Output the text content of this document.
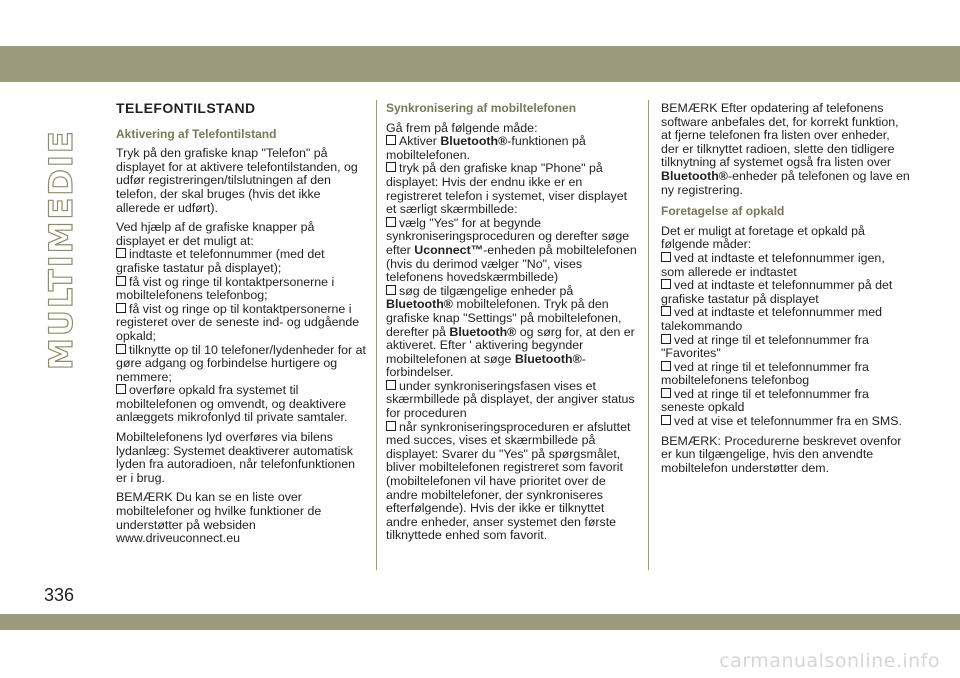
MULTIMEDIE
TELEFONTILSTAND
Aktivering af Telefontilstand

Tryk på den grafiske knap "Telefon" på displayet for at aktivere telefontilstanden, og udfør registreringen/tilslutningen af den telefon, der skal bruges (hvis det ikke allerede er udført).

Ved hjælp af de grafiske knapper på displayet er det muligt at:

indtaste et telefonnummer (med det grafiske tastatur på displayet);
få vist og ringe til kontaktpersonerne i mobiltelefonens telefonbog;
få vist og ringe op til kontaktpersonerne i registeret over de seneste ind- og udgående opkald;
tilknytte op til 10 telefoner/lydenheder for at gøre adgang og forbindelse hurtigere og nemmere;
overføre opkald fra systemet til mobiltelefonen og omvendt, og deaktivere anlæggets mikrofonlyd til private samtaler.

Mobiltelefonens lyd overføres via bilens lydanlæg: Systemet deaktiverer automatisk lyden fra autoradioen, når telefonfunktionen er i brug.

BEMÆRK Du kan se en liste over mobiltelefoner og hvilke funktioner de understøtter på websiden www.driveuconnect.eu

Synkronisering af mobiltelefonen

Gå frem på følgende måde:

Aktiver Bluetooth®-funktionen på mobiltelefonen.
tryk på den grafiske knap "Phone" på displayet: Hvis der endnu ikke er en registreret telefon i systemet, viser displayet et særligt skærmbillede:
vælg "Yes" for at begynde synkroniseringsproceduren og derefter søge efter Uconnect™-enheden på mobiltelefonen (hvis du derimod vælger "No", vises telefonens hovedskærmbillede)
søg de tilgængelige enheder på Bluetooth® mobiltelefonen. Tryk på den grafiske knap "Settings" på mobiltelefonen, derefter på Bluetooth® og sørg for, at den er aktiveret. Efter ' aktivering begynder mobiltelefonen at søge Bluetooth®-forbindelser.
under synkroniseringsfasen vises et skærmbillede på displayet, der angiver status for proceduren
når synkroniseringsproceduren er afsluttet med succes, vises et skærmbillede på displayet: Svarer du "Yes" på spørgsmålet, bliver mobiltelefonen registreret som favorit (mobiltelefonen vil have prioritet over de andre mobiltelefoner, der synkroniseres efterfølgende). Hvis der ikke er tilknyttet andre enheder, anser systemet den første tilknyttede enhed som favorit.

BEMÆRK Efter opdatering af telefonens software anbefales det, for korrekt funktion, at fjerne telefonen fra listen over enheder, der er tilknyttet radioen, slette den tidligere tilknytning af systemet også fra listen over Bluetooth®-enheder på telefonen og lave en ny registrering.

Foretagelse af opkald

Det er muligt at foretage et opkald på følgende måder:

ved at indtaste et telefonnummer igen, som allerede er indtastet
ved at indtaste et telefonnummer på det grafiske tastatur på displayet
ved at indtaste et telefonnummer med talekommando
ved at ringe til et telefonnummer fra "Favorites"
ved at ringe til et telefonnummer fra mobiltelefonens telefonbog
ved at ringe til et telefonnummer fra seneste opkald
ved at vise et telefonnummer fra en SMS.

BEMÆRK: Procedurerne beskrevet ovenfor er kun tilgængelige, hvis den anvendte mobiltelefon understøtter dem.

336
carmanualsonline.info
